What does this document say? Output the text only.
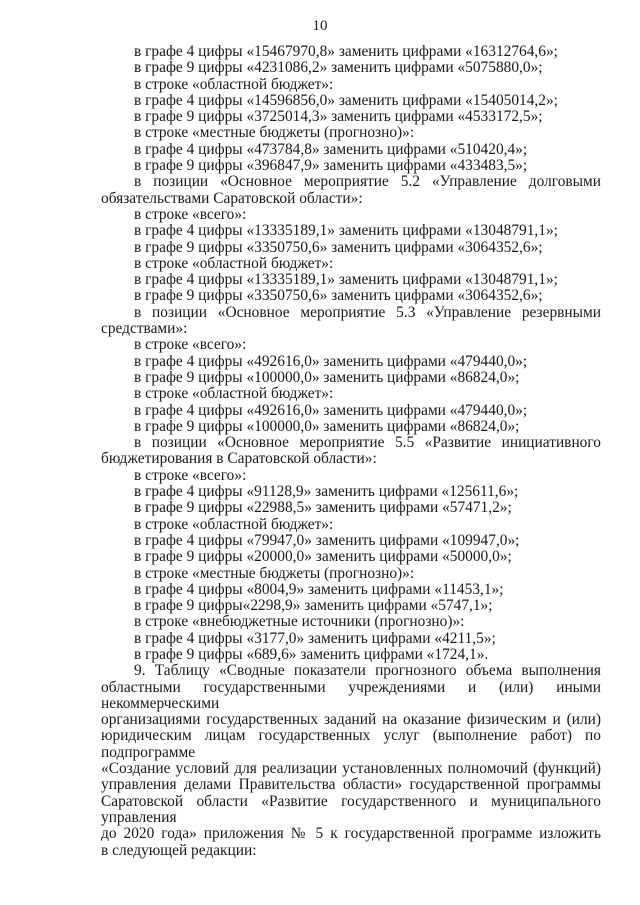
10
в графе 4 цифры «15467970,8» заменить цифрами «16312764,6»;
в графе 9 цифры «4231086,2» заменить цифрами «5075880,0»;
в строке «областной бюджет»:
в графе 4 цифры «14596856,0» заменить цифрами «15405014,2»;
в графе 9 цифры «3725014,3» заменить цифрами «4533172,5»;
в строке «местные бюджеты (прогнозно)»:
в графе 4 цифры «473784,8» заменить цифрами «510420,4»;
в графе 9 цифры «396847,9» заменить цифрами «433483,5»;
в позиции «Основное мероприятие 5.2 «Управление долговыми
обязательствами Саратовской области»:
в строке «всего»:
в графе 4 цифры «13335189,1» заменить цифрами «13048791,1»;
в графе 9 цифры «3350750,6» заменить цифрами «3064352,6»;
в строке «областной бюджет»:
в графе 4 цифры «13335189,1» заменить цифрами «13048791,1»;
в графе 9 цифры «3350750,6» заменить цифрами «3064352,6»;
в позиции «Основное мероприятие 5.3 «Управление резервными
средствами»:
в строке «всего»:
в графе 4 цифры «492616,0» заменить цифрами «479440,0»;
в графе 9 цифры «100000,0» заменить цифрами «86824,0»;
в строке «областной бюджет»:
в графе 4 цифры «492616,0» заменить цифрами «479440,0»;
в графе 9 цифры «100000,0» заменить цифрами «86824,0»;
в позиции «Основное мероприятие 5.5 «Развитие инициативного
бюджетирования в Саратовской области»:
в строке «всего»:
в графе 4 цифры «91128,9» заменить цифрами «125611,6»;
в графе 9 цифры «22988,5» заменить цифрами «57471,2»;
в строке «областной бюджет»:
в графе 4 цифры «79947,0» заменить цифрами «109947,0»;
в графе 9 цифры «20000,0» заменить цифрами «50000,0»;
в строке «местные бюджеты (прогнозно)»:
в графе 4 цифры «8004,9» заменить цифрами «11453,1»;
в графе 9 цифры«2298,9» заменить цифрами «5747,1»;
в строке «внебюджетные источники (прогнозно)»:
в графе 4 цифры «3177,0» заменить цифрами «4211,5»;
в графе 9 цифры «689,6» заменить цифрами «1724,1».
9. Таблицу «Сводные показатели прогнозного объема выполнения
областными государственными учреждениями и (или) иными некоммерческими
организациями государственных заданий на оказание физическим и (или)
юридическим лицам государственных услуг (выполнение работ) по подпрограмме
«Создание условий для реализации установленных полномочий (функций)
управления делами Правительства области» государственной программы
Саратовской области «Развитие государственного и муниципального управления
до 2020 года» приложения № 5 к государственной программе изложить
в следующей редакции:
